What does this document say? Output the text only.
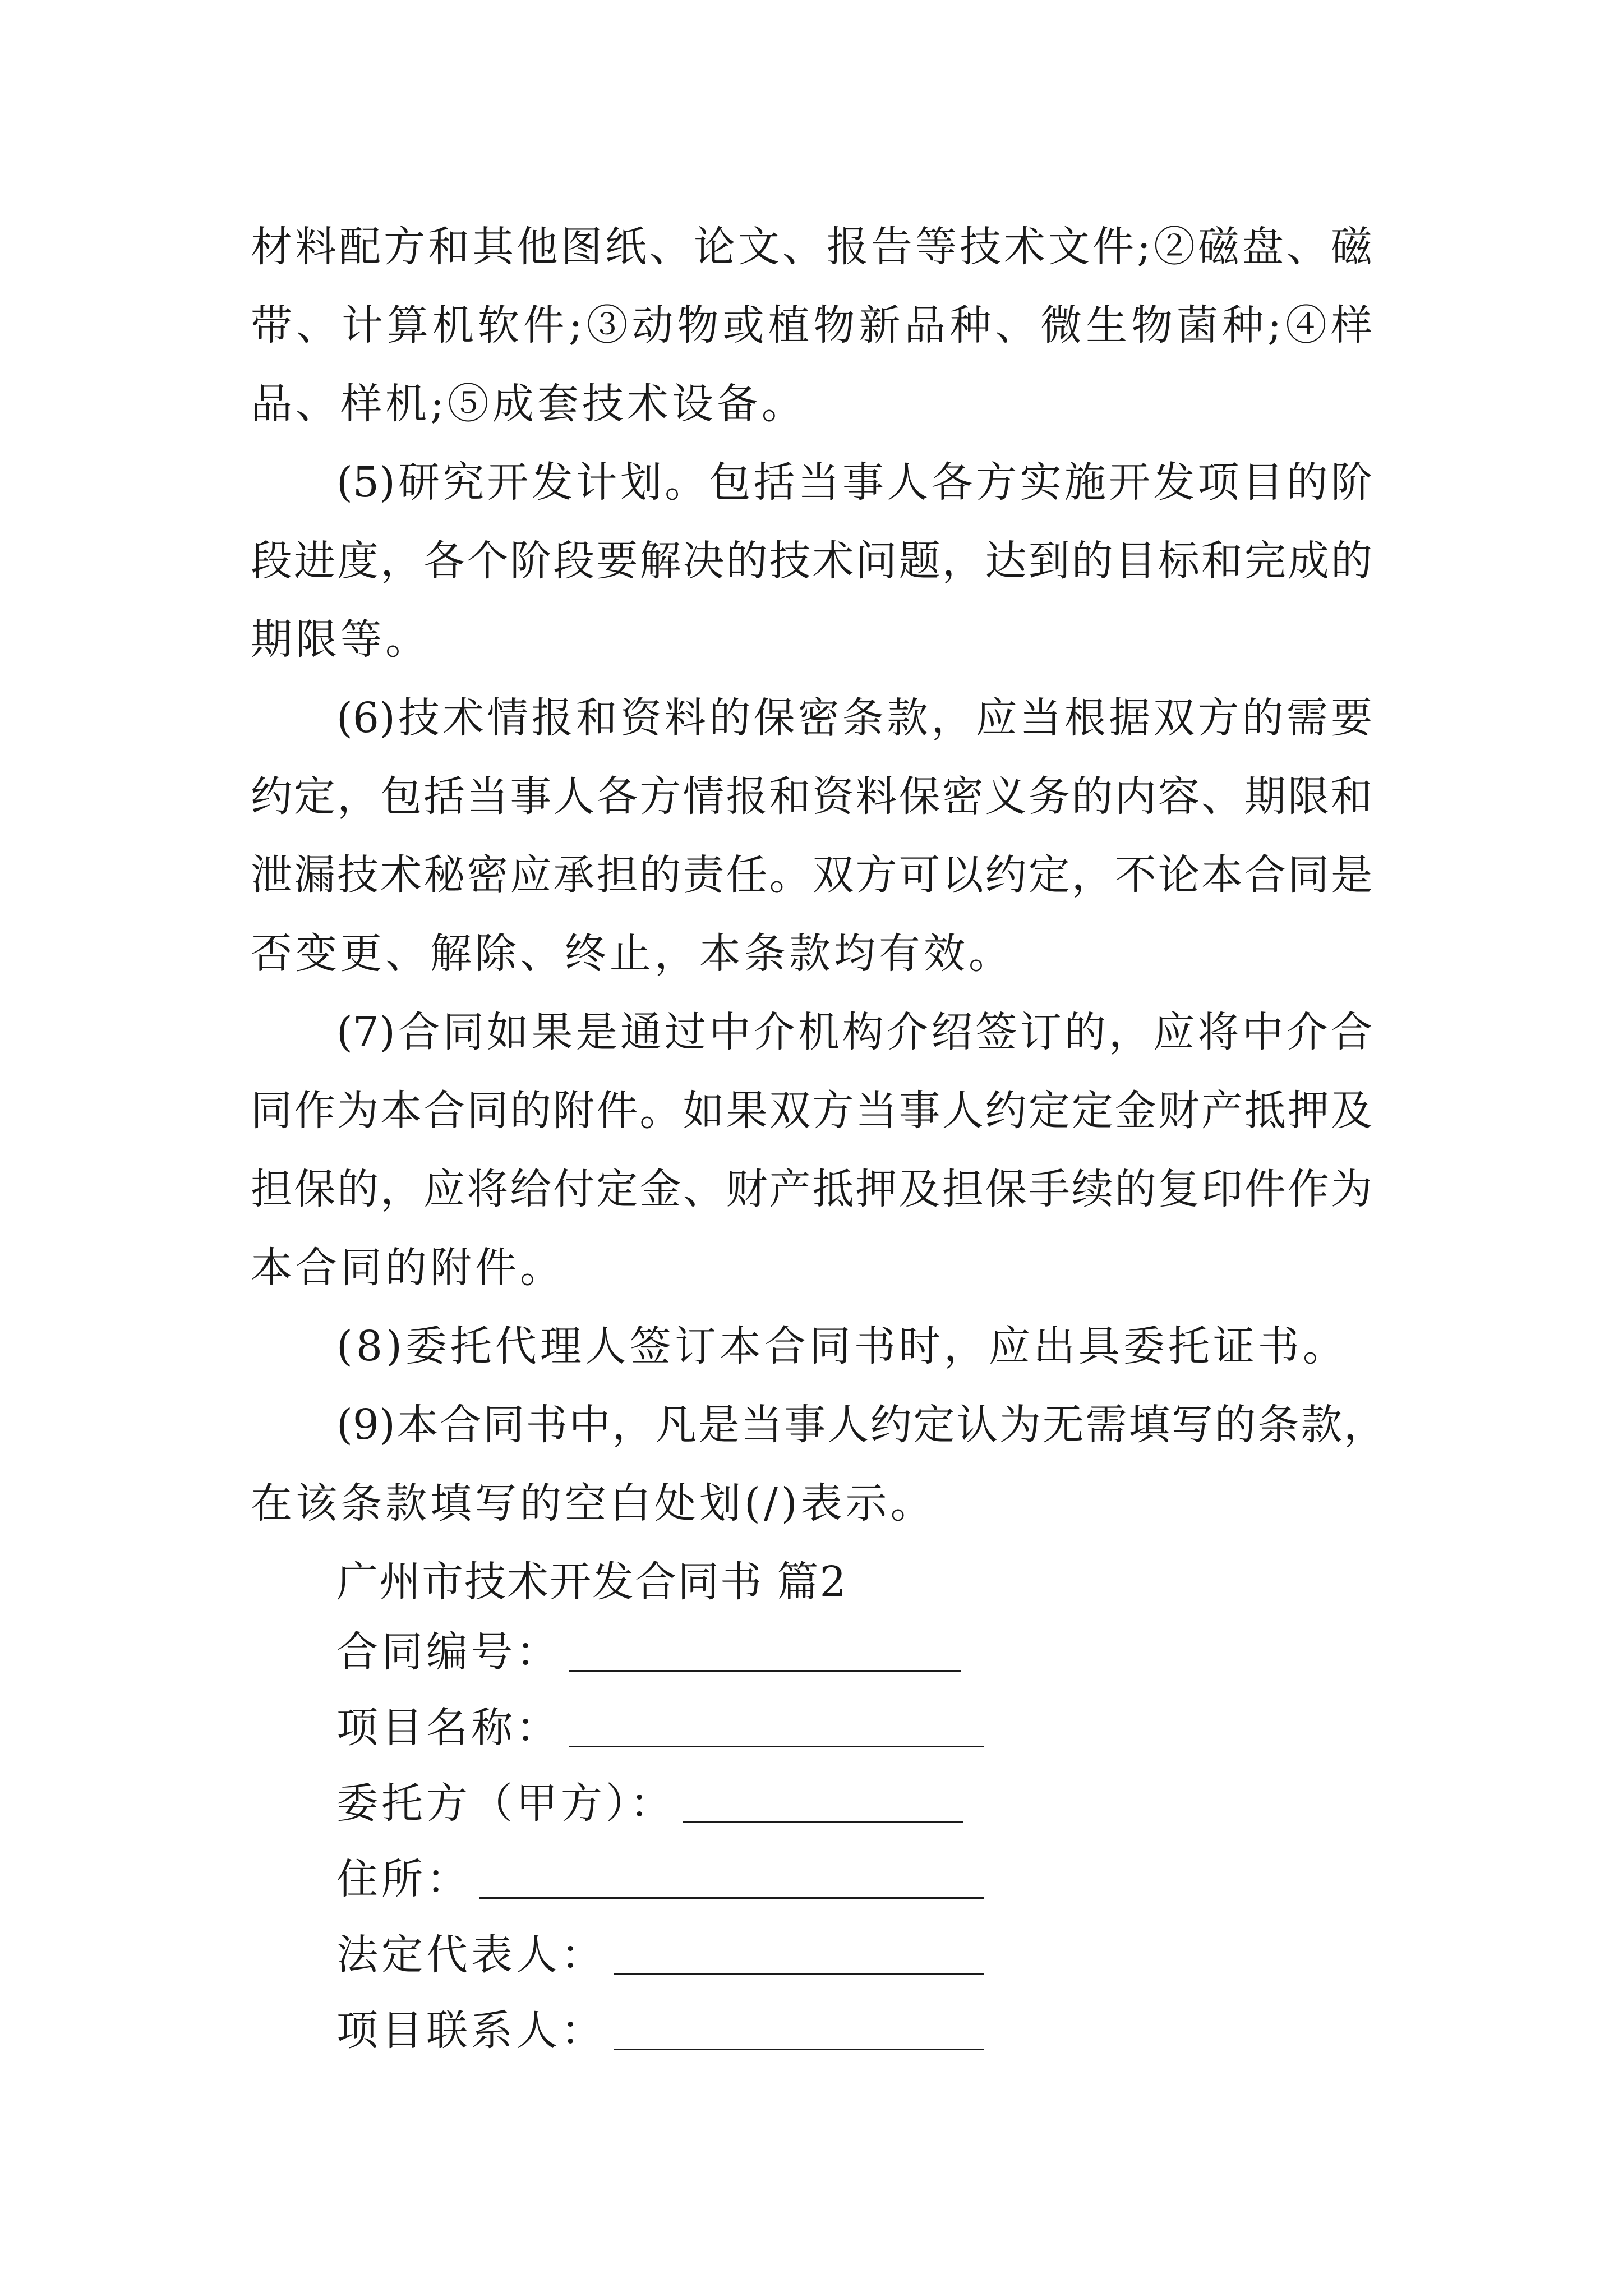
材料配方和其他图纸、论文、报告等技术文件;②磁盘、磁
带、计算机软件;③动物或植物新品种、微生物菌种;④样
品、样机;⑤成套技术设备。
(5)研究开发计划。包括当事人各方实施开发项目的阶
段进度，各个阶段要解决的技术问题，达到的目标和完成的
期限等。
(6)技术情报和资料的保密条款，应当根据双方的需要
约定，包括当事人各方情报和资料保密义务的内容、期限和
泄漏技术秘密应承担的责任。双方可以约定，不论本合同是
否变更、解除、终止，本条款均有效。
(7)合同如果是通过中介机构介绍签订的，应将中介合
同作为本合同的附件。如果双方当事人约定定金财产抵押及
担保的，应将给付定金、财产抵押及担保手续的复印件作为
本合同的附件。
(8)委托代理人签订本合同书时，应出具委托证书。
(9)本合同书中，凡是当事人约定认为无需填写的条款，
在该条款填写的空白处划(/)表示。
广州市技术开发合同书 篇2
合同编号：
项目名称：
委托方（甲方）：
住所：
法定代表人：
项目联系人：
